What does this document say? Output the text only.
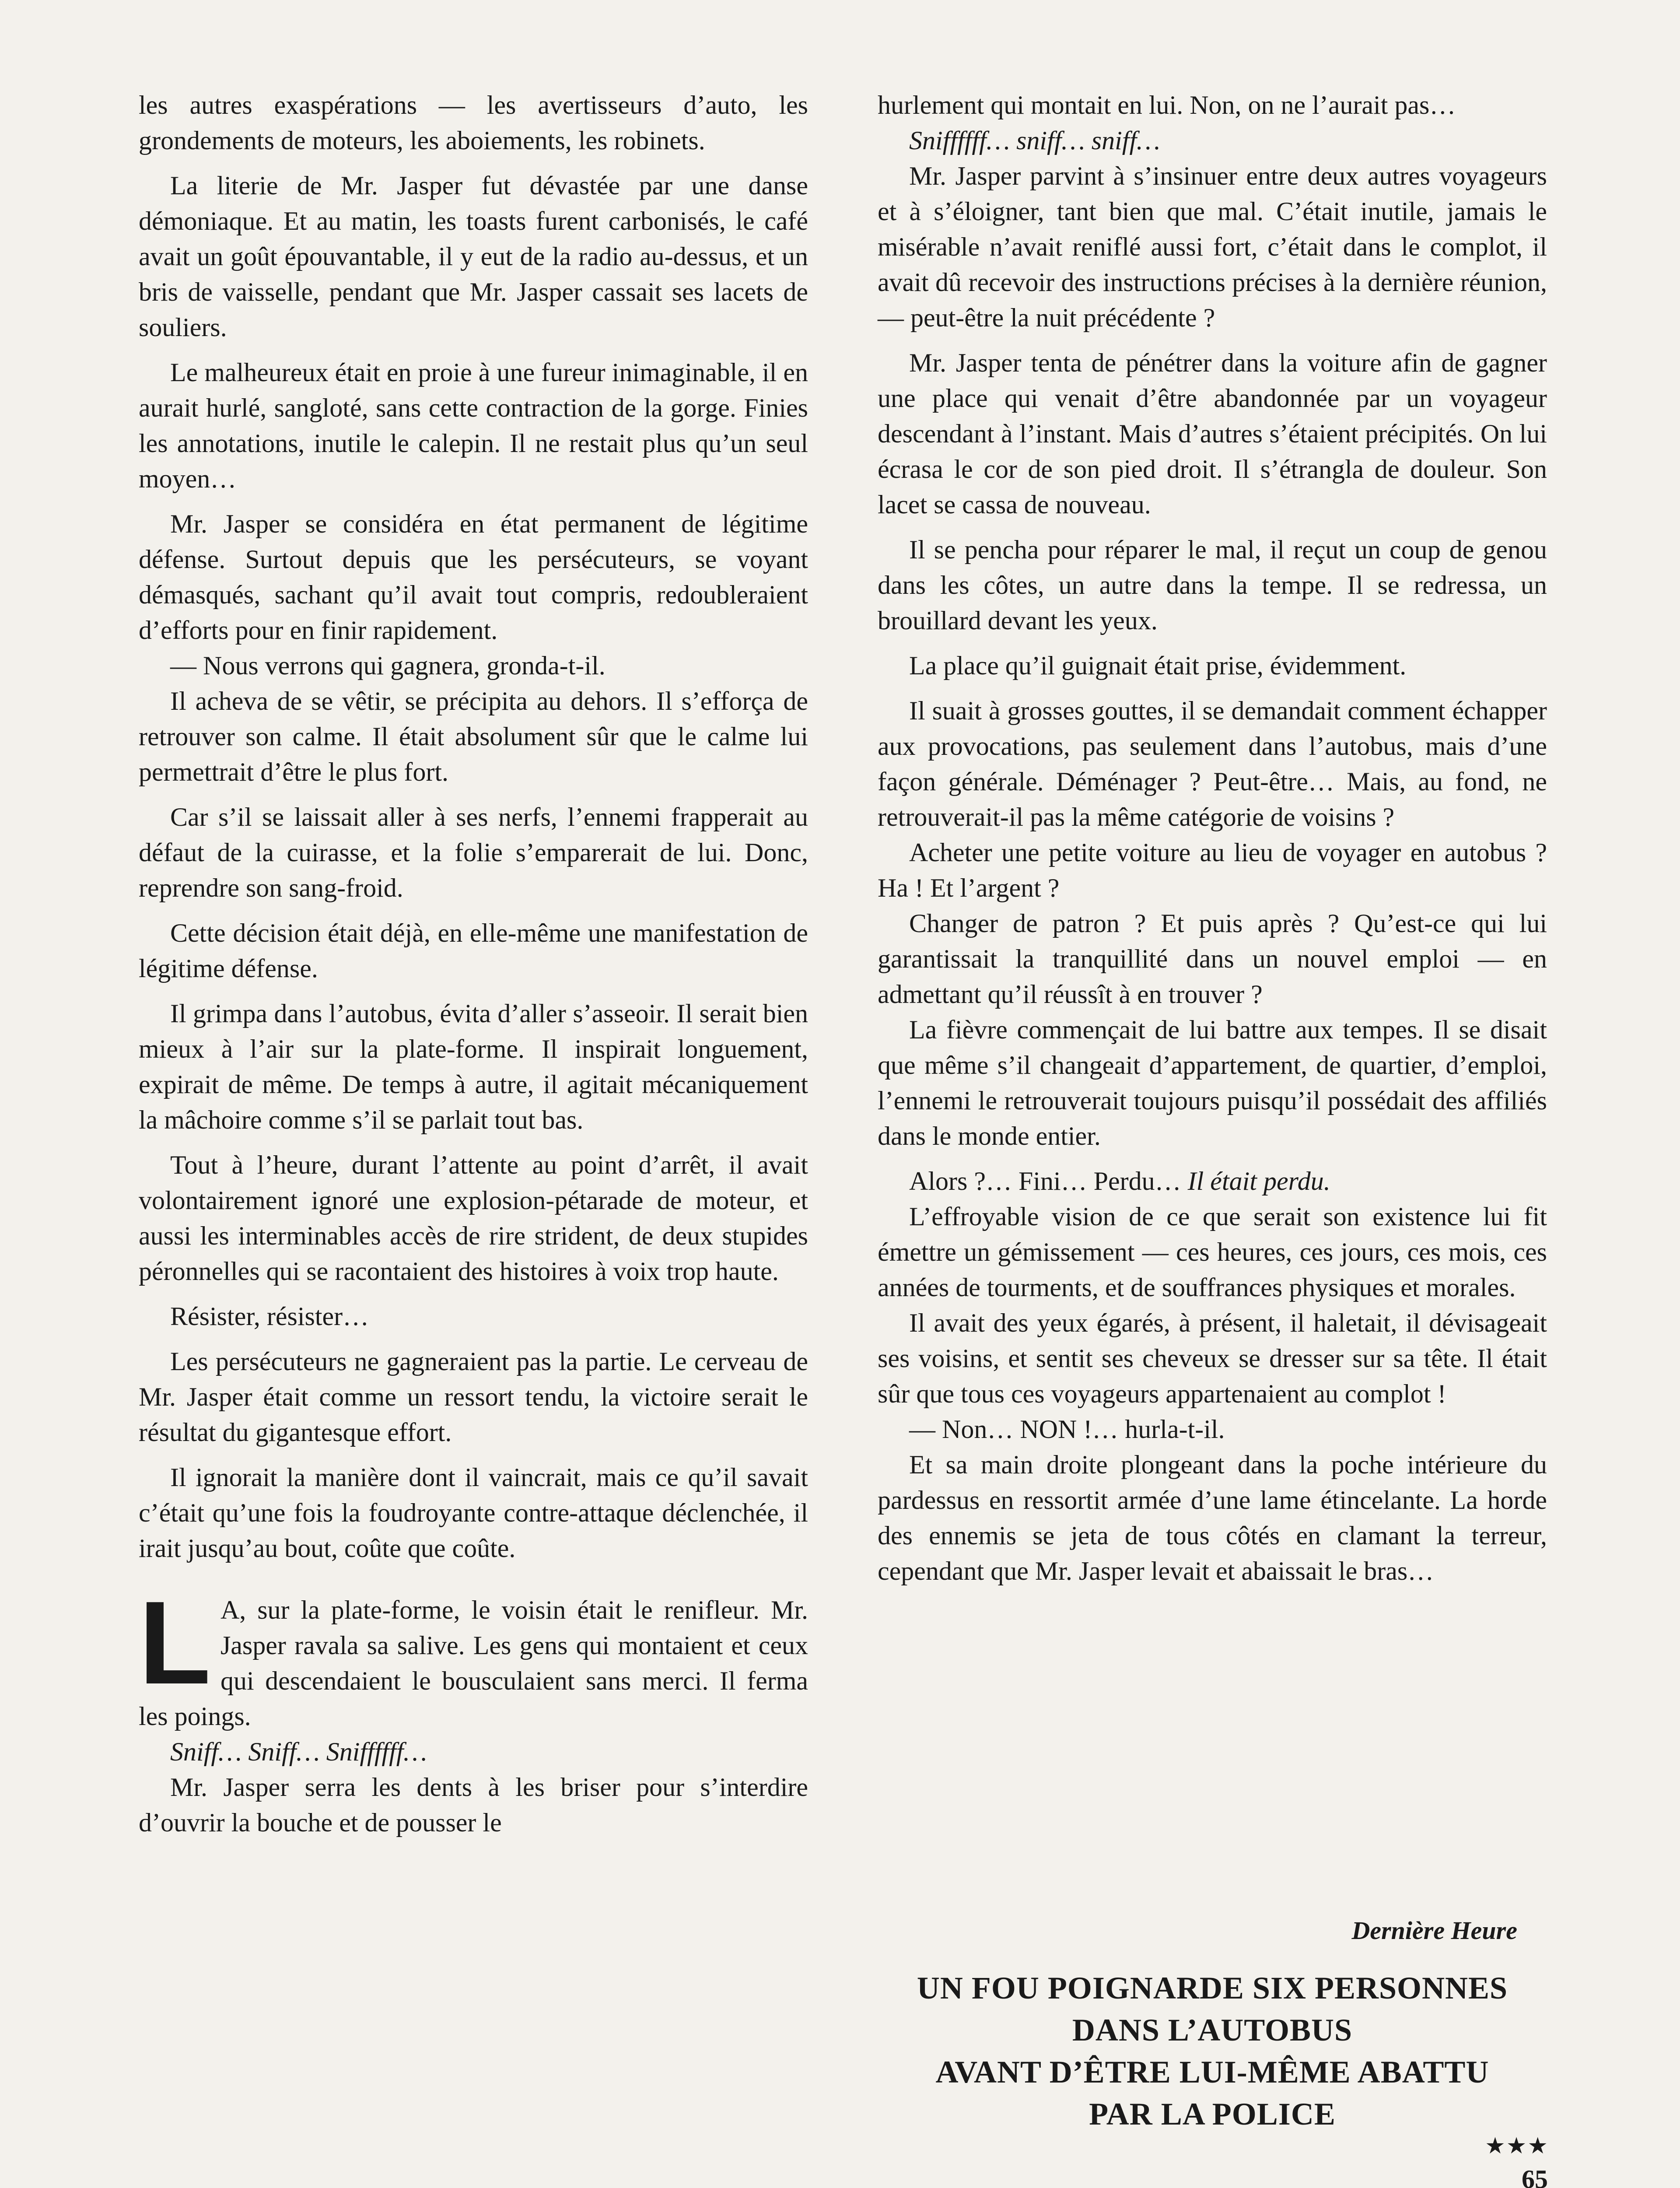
les autres exaspérations — les avertisseurs d’auto, les grondements de moteurs, les aboiements, les robinets.

La literie de Mr. Jasper fut dévastée par une danse démoniaque. Et au matin, les toasts furent carbonisés, le café avait un goût épouvantable, il y eut de la radio au-dessus, et un bris de vaisselle, pendant que Mr. Jasper cassait ses lacets de souliers.

Le malheureux était en proie à une fureur inimaginable, il en aurait hurlé, sangloté, sans cette contraction de la gorge. Finies les annotations, inutile le calepin. Il ne restait plus qu’un seul moyen…

Mr. Jasper se considéra en état permanent de légitime défense. Surtout depuis que les persécuteurs, se voyant démasqués, sachant qu’il avait tout compris, redoubleraient d’efforts pour en finir rapidement.

— Nous verrons qui gagnera, gronda-t-il.

Il acheva de se vêtir, se précipita au dehors. Il s’efforça de retrouver son calme. Il était absolument sûr que le calme lui permettrait d’être le plus fort.

Car s’il se laissait aller à ses nerfs, l’ennemi frapperait au défaut de la cuirasse, et la folie s’emparerait de lui. Donc, reprendre son sang-froid.

Cette décision était déjà, en elle-même une manifestation de légitime défense.

Il grimpa dans l’autobus, évita d’aller s’asseoir. Il serait bien mieux à l’air sur la plate-forme. Il inspirait longuement, expirait de même. De temps à autre, il agitait mécaniquement la mâchoire comme s’il se parlait tout bas.

Tout à l’heure, durant l’attente au point d’arrêt, il avait volontairement ignoré une explosion-pétarade de moteur, et aussi les interminables accès de rire strident, de deux stupides péronnelles qui se racontaient des histoires à voix trop haute.

Résister, résister…

Les persécuteurs ne gagneraient pas la partie. Le cerveau de Mr. Jasper était comme un ressort tendu, la victoire serait le résultat du gigantesque effort.

Il ignorait la manière dont il vaincrait, mais ce qu’il savait c’était qu’une fois la foudroyante contre-attaque déclenchée, il irait jusqu’au bout, coûte que coûte.

L A, sur la plate-forme, le voisin était le renifleur. Mr. Jasper ravala sa salive. Les gens qui montaient et ceux qui descendaient le bousculaient sans merci. Il ferma les poings.

Sniff… Sniff… Sniffffff…

Mr. Jasper serra les dents à les briser pour s’interdire d’ouvrir la bouche et de pousser le

hurlement qui montait en lui. Non, on ne l’aurait pas…

Sniffffff… sniff… sniff…

Mr. Jasper parvint à s’insinuer entre deux autres voyageurs et à s’éloigner, tant bien que mal. C’était inutile, jamais le misérable n’avait reniflé aussi fort, c’était dans le complot, il avait dû recevoir des instructions précises à la dernière réunion, — peut-être la nuit précédente ?

Mr. Jasper tenta de pénétrer dans la voiture afin de gagner une place qui venait d’être abandonnée par un voyageur descendant à l’instant. Mais d’autres s’étaient précipités. On lui écrasa le cor de son pied droit. Il s’étrangla de douleur. Son lacet se cassa de nouveau.

Il se pencha pour réparer le mal, il reçut un coup de genou dans les côtes, un autre dans la tempe. Il se redressa, un brouillard devant les yeux.

La place qu’il guignait était prise, évidemment.

Il suait à grosses gouttes, il se demandait comment échapper aux provocations, pas seulement dans l’autobus, mais d’une façon générale. Déménager ? Peut-être… Mais, au fond, ne retrouverait-il pas la même catégorie de voisins ?

Acheter une petite voiture au lieu de voyager en autobus ? Ha ! Et l’argent ?

Changer de patron ? Et puis après ? Qu’est-ce qui lui garantissait la tranquillité dans un nouvel emploi — en admettant qu’il réussît à en trouver ?

La fièvre commençait de lui battre aux tempes. Il se disait que même s’il changeait d’appartement, de quartier, d’emploi, l’ennemi le retrouverait toujours puisqu’il possédait des affiliés dans le monde entier.

Alors ?… Fini… Perdu… Il était perdu.

L’effroyable vision de ce que serait son existence lui fit émettre un gémissement — ces heures, ces jours, ces mois, ces années de tourments, et de souffrances physiques et morales.

Il avait des yeux égarés, à présent, il haletait, il dévisageait ses voisins, et sentit ses cheveux se dresser sur sa tête. Il était sûr que tous ces voyageurs appartenaient au complot !

— Non… NON !… hurla-t-il.

Et sa main droite plongeant dans la poche intérieure du pardessus en ressortit armée d’une lame étincelante. La horde des ennemis se jeta de tous côtés en clamant la terreur, cependant que Mr. Jasper levait et abaissait le bras…

Dernière Heure
UN FOU POIGNARDE SIX PERSONNES
DANS L’AUTOBUS
AVANT D’ÊTRE LUI-MÊME ABATTU
PAR LA POLICE
★★★
65
